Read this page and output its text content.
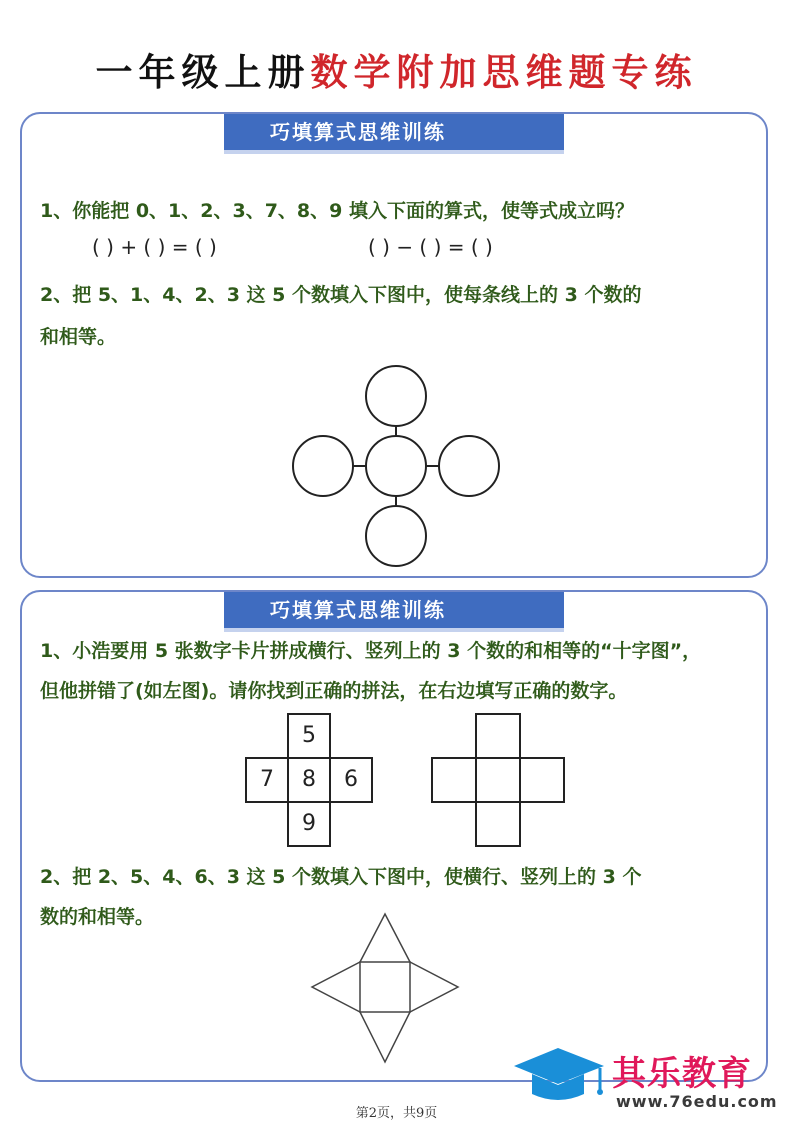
一年级上册数学附加思维题专练
巧填算式思维训练
1、你能把 0、1、2、3、7、8、9 填入下面的算式，使等式成立吗？
( ) + ( ) = ( )	( ) − ( ) = ( )
2、把 5、1、4、2、3 这 5 个数填入下图中，使每条线上的 3 个数的
和相等。
巧填算式思维训练
1、小浩要用 5 张数字卡片拼成横行、竖列上的 3 个数的和相等的“十字图”，
但他拼错了(如左图)。请你找到正确的拼法，在右边填写正确的数字。
2、把 2、5、4、6、3 这 5 个数填入下图中，使横行、竖列上的 3 个
数的和相等。
5
7	8	6
9
其乐教育
www.76edu.com
第2页，共9页
